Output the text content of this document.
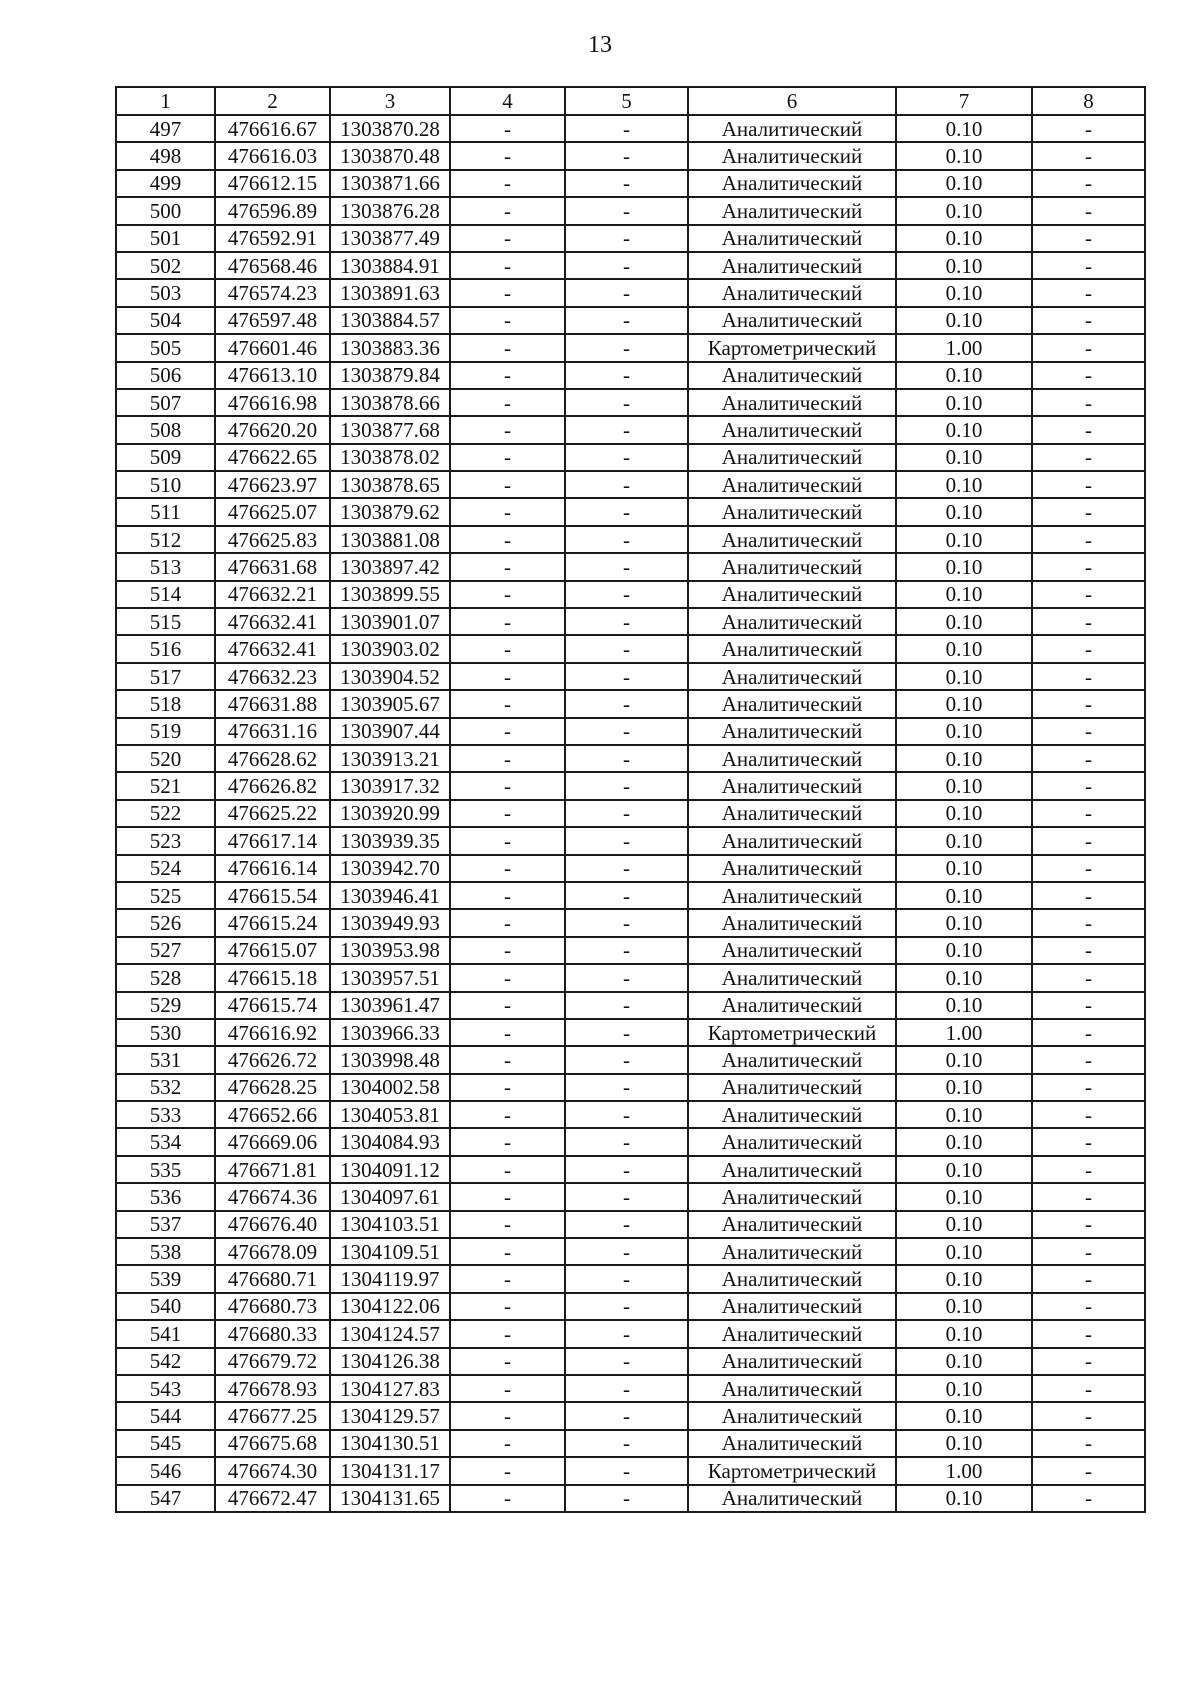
13
1	2	3	4	5	6	7	8
497	476616.67	1303870.28	-	-	Аналитический	0.10	-
498	476616.03	1303870.48	-	-	Аналитический	0.10	-
499	476612.15	1303871.66	-	-	Аналитический	0.10	-
500	476596.89	1303876.28	-	-	Аналитический	0.10	-
501	476592.91	1303877.49	-	-	Аналитический	0.10	-
502	476568.46	1303884.91	-	-	Аналитический	0.10	-
503	476574.23	1303891.63	-	-	Аналитический	0.10	-
504	476597.48	1303884.57	-	-	Аналитический	0.10	-
505	476601.46	1303883.36	-	-	Картометрический	1.00	-
506	476613.10	1303879.84	-	-	Аналитический	0.10	-
507	476616.98	1303878.66	-	-	Аналитический	0.10	-
508	476620.20	1303877.68	-	-	Аналитический	0.10	-
509	476622.65	1303878.02	-	-	Аналитический	0.10	-
510	476623.97	1303878.65	-	-	Аналитический	0.10	-
511	476625.07	1303879.62	-	-	Аналитический	0.10	-
512	476625.83	1303881.08	-	-	Аналитический	0.10	-
513	476631.68	1303897.42	-	-	Аналитический	0.10	-
514	476632.21	1303899.55	-	-	Аналитический	0.10	-
515	476632.41	1303901.07	-	-	Аналитический	0.10	-
516	476632.41	1303903.02	-	-	Аналитический	0.10	-
517	476632.23	1303904.52	-	-	Аналитический	0.10	-
518	476631.88	1303905.67	-	-	Аналитический	0.10	-
519	476631.16	1303907.44	-	-	Аналитический	0.10	-
520	476628.62	1303913.21	-	-	Аналитический	0.10	-
521	476626.82	1303917.32	-	-	Аналитический	0.10	-
522	476625.22	1303920.99	-	-	Аналитический	0.10	-
523	476617.14	1303939.35	-	-	Аналитический	0.10	-
524	476616.14	1303942.70	-	-	Аналитический	0.10	-
525	476615.54	1303946.41	-	-	Аналитический	0.10	-
526	476615.24	1303949.93	-	-	Аналитический	0.10	-
527	476615.07	1303953.98	-	-	Аналитический	0.10	-
528	476615.18	1303957.51	-	-	Аналитический	0.10	-
529	476615.74	1303961.47	-	-	Аналитический	0.10	-
530	476616.92	1303966.33	-	-	Картометрический	1.00	-
531	476626.72	1303998.48	-	-	Аналитический	0.10	-
532	476628.25	1304002.58	-	-	Аналитический	0.10	-
533	476652.66	1304053.81	-	-	Аналитический	0.10	-
534	476669.06	1304084.93	-	-	Аналитический	0.10	-
535	476671.81	1304091.12	-	-	Аналитический	0.10	-
536	476674.36	1304097.61	-	-	Аналитический	0.10	-
537	476676.40	1304103.51	-	-	Аналитический	0.10	-
538	476678.09	1304109.51	-	-	Аналитический	0.10	-
539	476680.71	1304119.97	-	-	Аналитический	0.10	-
540	476680.73	1304122.06	-	-	Аналитический	0.10	-
541	476680.33	1304124.57	-	-	Аналитический	0.10	-
542	476679.72	1304126.38	-	-	Аналитический	0.10	-
543	476678.93	1304127.83	-	-	Аналитический	0.10	-
544	476677.25	1304129.57	-	-	Аналитический	0.10	-
545	476675.68	1304130.51	-	-	Аналитический	0.10	-
546	476674.30	1304131.17	-	-	Картометрический	1.00	-
547	476672.47	1304131.65	-	-	Аналитический	0.10	-
